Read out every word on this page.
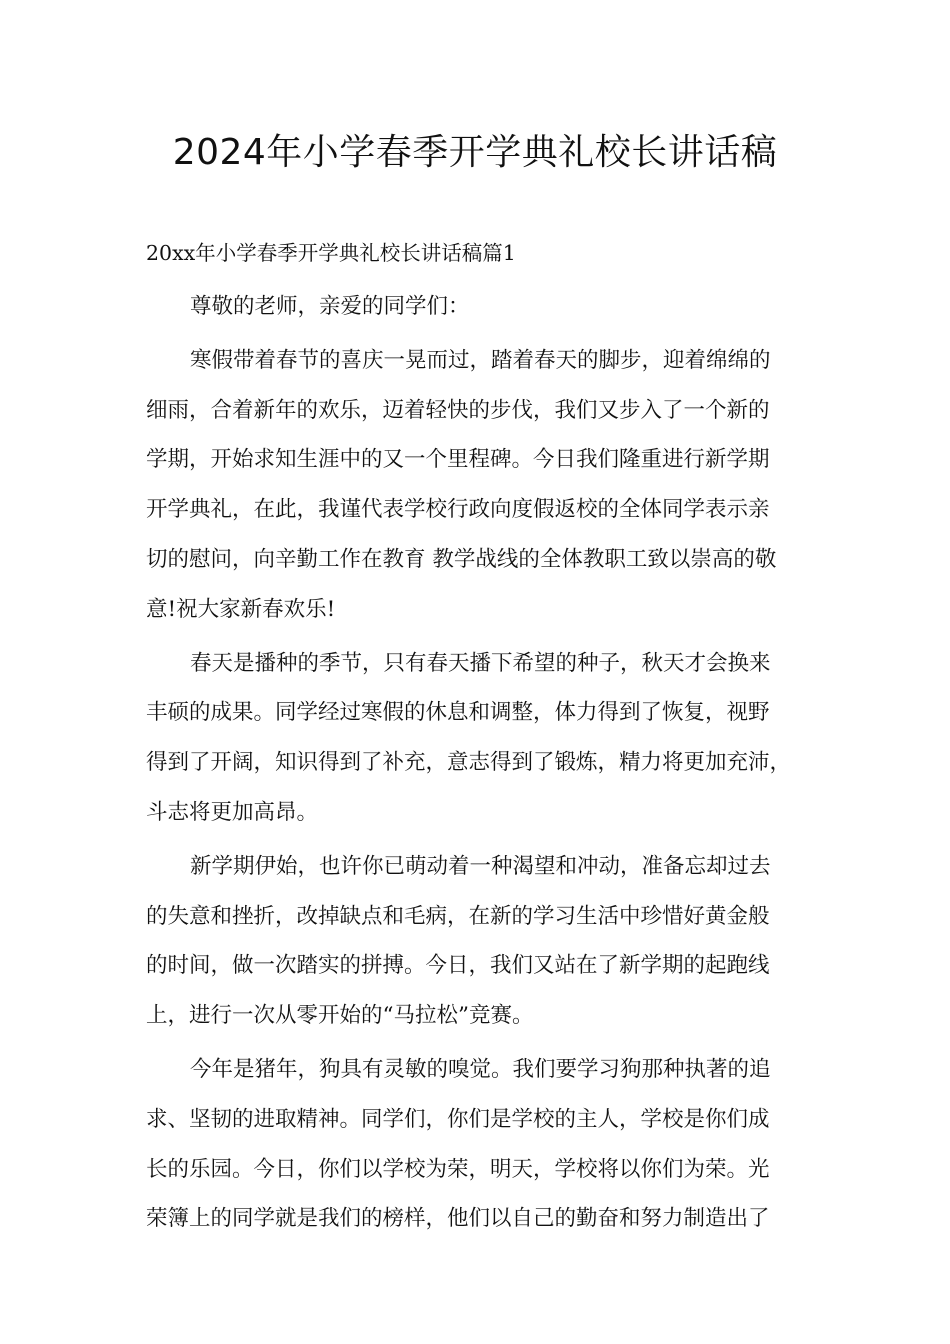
2024年小学春季开学典礼校长讲话稿

20xx年小学春季开学典礼校长讲话稿篇1

尊敬的老师，亲爱的同学们：

寒假带着春节的喜庆一晃而过，踏着春天的脚步，迎着绵绵的
细雨，合着新年的欢乐，迈着轻快的步伐，我们又步入了一个新的
学期，开始求知生涯中的又一个里程碑。今日我们隆重进行新学期
开学典礼，在此，我谨代表学校行政向度假返校的全体同学表示亲
切的慰问，向辛勤工作在教育 教学战线的全体教职工致以崇高的敬
意!祝大家新春欢乐!

春天是播种的季节，只有春天播下希望的种子，秋天才会换来
丰硕的成果。同学经过寒假的休息和调整，体力得到了恢复，视野
得到了开阔，知识得到了补充，意志得到了锻炼，精力将更加充沛，
斗志将更加高昂。

新学期伊始，也许你已萌动着一种渴望和冲动，准备忘却过去
的失意和挫折，改掉缺点和毛病，在新的学习生活中珍惜好黄金般
的时间，做一次踏实的拼搏。今日，我们又站在了新学期的起跑线
上，进行一次从零开始的“马拉松”竞赛。

今年是猪年，狗具有灵敏的嗅觉。我们要学习狗那种执著的追
求、坚韧的进取精神。同学们，你们是学校的主人，学校是你们成
长的乐园。今日，你们以学校为荣，明天，学校将以你们为荣。光
荣簿上的同学就是我们的榜样，他们以自己的勤奋和努力制造出了
